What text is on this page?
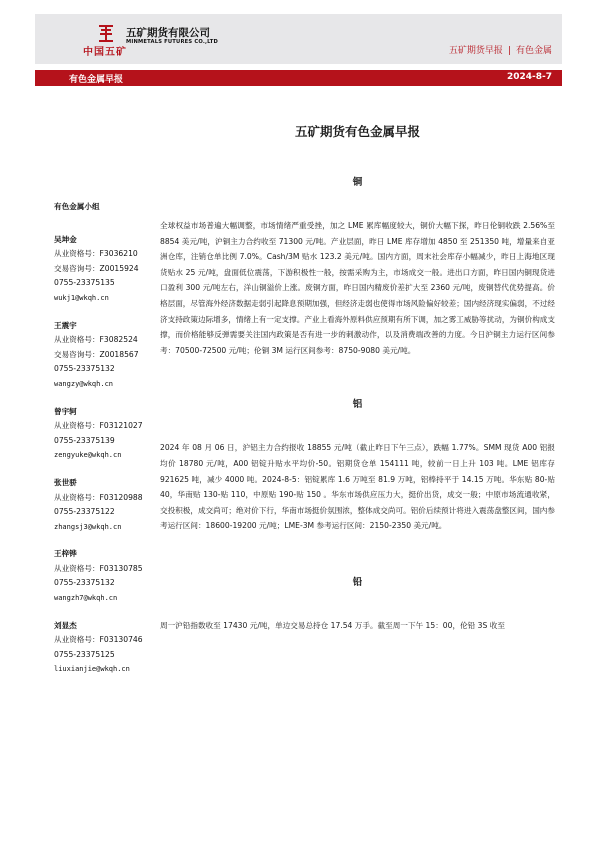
中国五矿
五矿期货有限公司
MINMETALS FUTURES CO.,LTD
五矿期货早报 | 有色金属
有色金属早报	2024-8-7
五矿期货有色金属早报
有色金属小组
吴坤金
从业资格号：F3036210
交易咨询号：Z0015924
0755-23375135
wukj1@wkqh.cn
王震宇
从业资格号：F3082524
交易咨询号：Z0018567
0755-23375132
wangzy@wkqh.cn
曾宇轲
从业资格号：F03121027
0755-23375139
zengyuke@wkqh.cn
张世骄
从业资格号：F03120988
0755-23375122
zhangsj3@wkqh.cn
王梓铧
从业资格号：F03130785
0755-23375132
wangzh7@wkqh.cn
刘显杰
从业资格号：F03130746
0755-23375125
liuxianjie@wkqh.cn
铜
全球权益市场普遍大幅调整，市场情绪严重受挫，加之 LME 累库幅度较大，铜价大幅下探，昨日伦铜收跌 2.56%至 8854 美元/吨，沪铜主力合约收至 71300 元/吨。产业层面，昨日 LME 库存增加 4850 至 251350 吨，增量来自亚洲仓库，注销仓单比例 7.0%。Cash/3M 贴水 123.2 美元/吨。国内方面，周末社会库存小幅减少，昨日上海地区现货贴水 25 元/吨，盘面低位震荡，下游积极性一般，按需采购为主，市场成交一般。进出口方面，昨日国内铜现货进口盈利 300 元/吨左右，洋山铜溢价上涨。废铜方面，昨日国内精废价差扩大至 2360 元/吨，废铜替代优势提高。价格层面，尽管海外经济数据走弱引起降息预期加强，但经济走弱也使得市场风险偏好较差；国内经济现实偏弱，不过经济支持政策边际增多，情绪上有一定支撑。产业上看海外原料供应预期有所下调，加之雾工威胁等扰动，为铜价构成支撑，而价格能够反弹需要关注国内政策是否有进一步的刺激动作，以及消费端改善的力度。今日沪铜主力运行区间参考：70500-72500 元/吨；伦铜 3M 运行区间参考：8750-9080 美元/吨。
铝
2024 年 08 月 06 日，沪铝主力合约报收 18855 元/吨（截止昨日下午三点），跌幅 1.77%。SMM 现货 A00 铝报均价 18780 元/吨，A00 铝锭升贴水平均价-50。铝期货仓单 154111 吨，较前一日上升 103 吨。LME 铝库存 921625 吨，减少 4000 吨。2024-8-5：铝锭累库 1.6 万吨至 81.9 万吨，铝棒持平于 14.15 万吨。华东贴 80-贴 40，华南贴 130-贴 110，中原贴 190-贴 150 。华东市场供应压力大，挺价出货，成交一般；中原市场流通收紧，交投积极，成交尚可；绝对价下行，华南市场挺价氛围浓，整体成交尚可。铝价后续预计将进入震荡盘整区间，国内参考运行区间：18600-19200 元/吨；LME-3M 参考运行区间：2150-2350 美元/吨。
铅
周一沪铅指数收至 17430 元/吨，单边交易总持仓 17.54 万手。截至周一下午 15：00，伦铅 3S 收至
